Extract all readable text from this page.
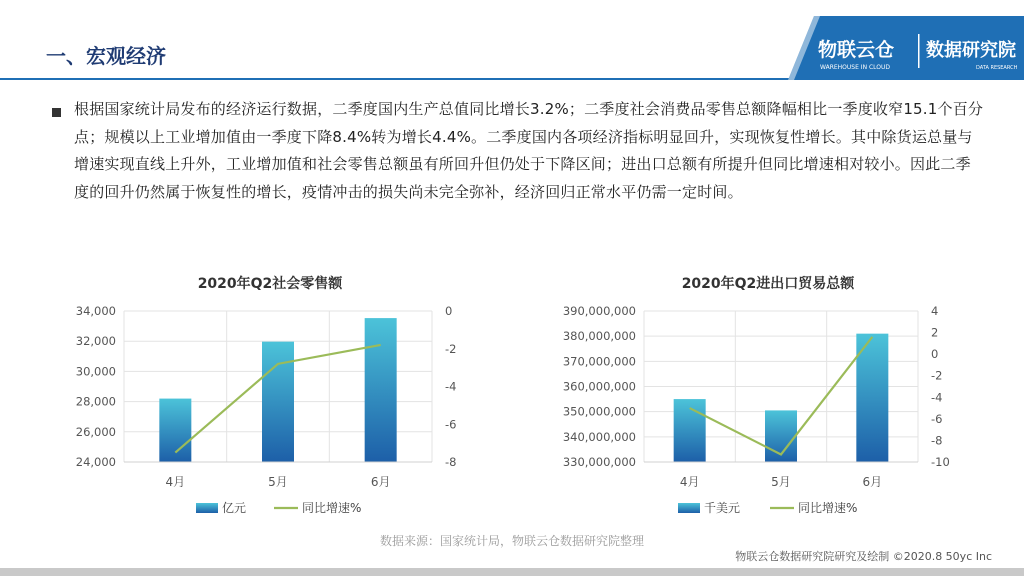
一、宏观经济	物联云仓
WAREHOUSE IN CLOUD
数据研究院
DATA RESEARCH
根据国家统计局发布的经济运行数据，二季度国内生产总值同比增长3.2%；二季度社会消费品零售总额降幅相比一季度收窄15.1个百分点；规模以上工业增加值由一季度下降8.4%转为增长4.4%。二季度国内各项经济指标明显回升，实现恢复性增长。其中除货运总量与增速实现直线上升外，工业增加值和社会零售总额虽有所回升但仍处于下降区间；进出口总额有所提升但同比增速相对较小。因此二季度的回升仍然属于恢复性的增长，疫情冲击的损失尚未完全弥补，经济回归正常水平仍需一定时间。
2020年Q2社会零售额
24,000
26,000
28,000
30,000
32,000
34,000
-8
-6
-4
-2
0
4月	5月	6月
亿元	同比增速%
2020年Q2进出口贸易总额
330,000,000
340,000,000
350,000,000
360,000,000
370,000,000
380,000,000
390,000,000
-10
-8
-6
-4
-2
0
2
4
4月	5月	6月
千美元	同比增速%
数据来源：国家统计局，物联云仓数据研究院整理
物联云仓数据研究院研究及绘制 ©2020.8 50yc Inc
